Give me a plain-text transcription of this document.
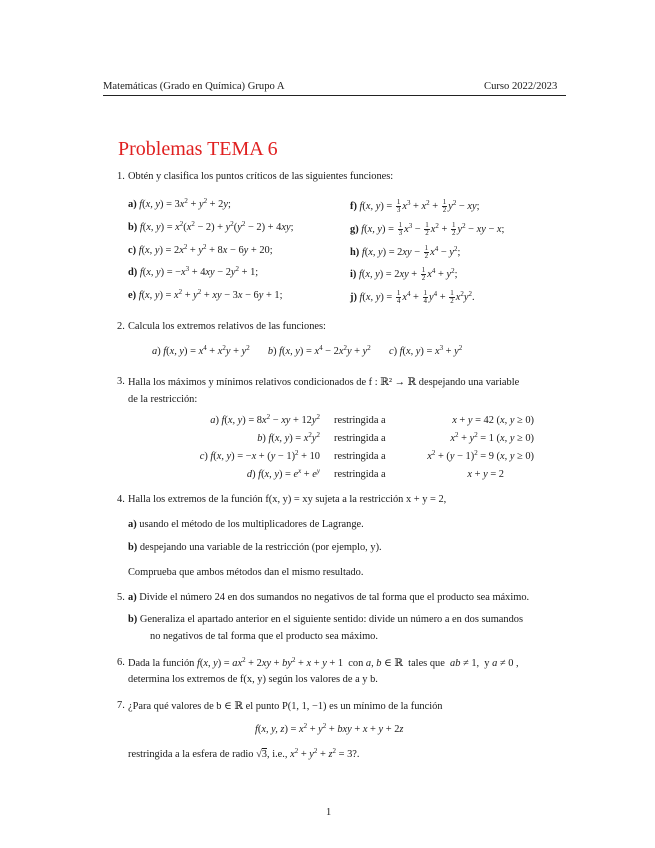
Matemáticas (Grado en Química) Grupo A	Curso 2022/2023
Problemas TEMA 6
1. Obtén y clasifica los puntos críticos de las siguientes funciones:
a) f(x, $y) = 3x^2 + y^2 + 2y$;
b) f(x, $y) = x^2(x^2 - 2) + y^2(y^2 - 2) + 4xy$;
c) f(x, $y) = 2x^2 + y^2 + 8x - 6y + 20$;
d) f(x, $y) = -x^3 + 4xy - 2y^2 + 1$;
e) f(x, $y) = x^2 + y^2$ + xy − 3x − 6y + 1;
f) f(x, $y) = \frac{1}{3} x^3 + x^2 + \frac{1}{2} y^2$ − xy;
g) f(x, $y) = \frac{1}{3} x^3 - \frac{1}{2} x^2 + \frac{1}{2} y^2$ − xy − x;
h) f(x, $y) = 2xy - \frac{1}{2} x^4 - y^2$;
i) f(x, $y) = 2xy + \frac{1}{2} x^4 + y^2$;
j) f(x, $y) = \frac{1}{4} x^4 + \frac{1}{4} y^4 + \frac{1}{2} x^2y^2$.
2. Calcula los extremos relativos de las funciones:
a) f(x, $y) = x^4 + x^2y + y^2$ b) f(x, $y) = x^4 - 2x^2y + y^2$ c) f(x, $y) = x^3 + y^2$
3. Halla los máximos y mínimos relativos condicionados de f : ℝ² → ℝ despejando una variable
de la restricción:
a) f(x, $y) = 8x^2$ − xy + $12y^2$	restringida a	x + y = 42 (x, y ≥ 0)
b) f(x, $y) = x^2y^2$	restringida a	$x^2 + y^2 = 1$ (x, y ≥ 0)
c) f(x, $y) = -x + (y - 1)^2 + 10$	restringida a	$x^2 + (y - 1)^2 = 9$ (x, y ≥ 0)
d) f(x, $y) = e^x + e^y$	restringida a	x + y = 2
4. Halla los extremos de la función f(x, y) = xy sujeta a la restricción x + y = 2,
a) usando el método de los multiplicadores de Lagrange.
b) despejando una variable de la restricción (por ejemplo, y).
Comprueba que ambos métodos dan el mismo resultado.
5. a) Divide el número 24 en dos sumandos no negativos de tal forma que el producto sea máximo.
b) Generaliza el apartado anterior en el siguiente sentido: divide un número a en dos sumandos
no negativos de tal forma que el producto sea máximo.
6. Dada la función f(x, $y) = ax^2 + 2xy + by^2 + x + y + 1$  con a, b ∈ ℝ  tales que  ab ≠ 1,  y a ≠ 0 ,
determina los extremos de f(x, y) según los valores de a y b.
7. ¿Para qué valores de b ∈ ℝ el punto P(1, 1, −1) es un mínimo de la función
f(x, y, $z) = x^2 + y^2$ + bxy + x + y + 2z
restringida a la esfera de radio √3, i.e., $x^2 + y^2 + z^2 = 3$?.
1
